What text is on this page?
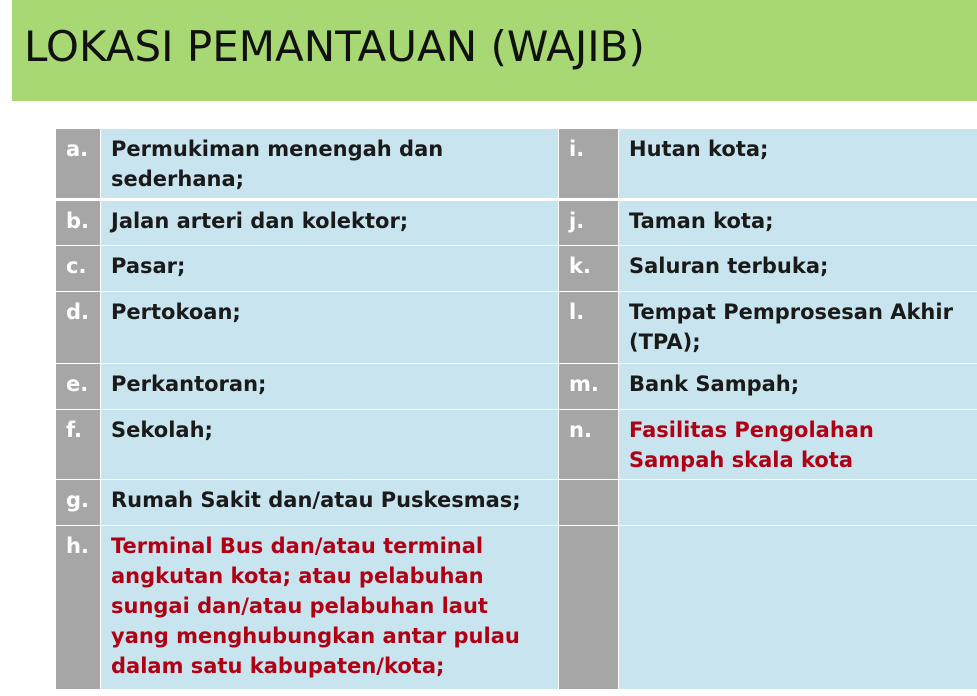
LOKASI PEMANTAUAN (WAJIB)
a.	Permukiman menengah dan sederhana;	i.	Hutan kota;
b.	Jalan arteri dan kolektor;	j.	Taman kota;
c.	Pasar;	k.	Saluran terbuka;
d.	Pertokoan;	l.	Tempat Pemprosesan Akhir (TPA);
e.	Perkantoran;	m.	Bank Sampah;
f.	Sekolah;	n.	Fasilitas Pengolahan Sampah skala kota
g.	Rumah Sakit dan/atau Puskesmas;		
h.	Terminal Bus dan/atau terminal angkutan kota; atau pelabuhan sungai dan/atau pelabuhan laut yang menghubungkan antar pulau dalam satu kabupaten/kota;		
